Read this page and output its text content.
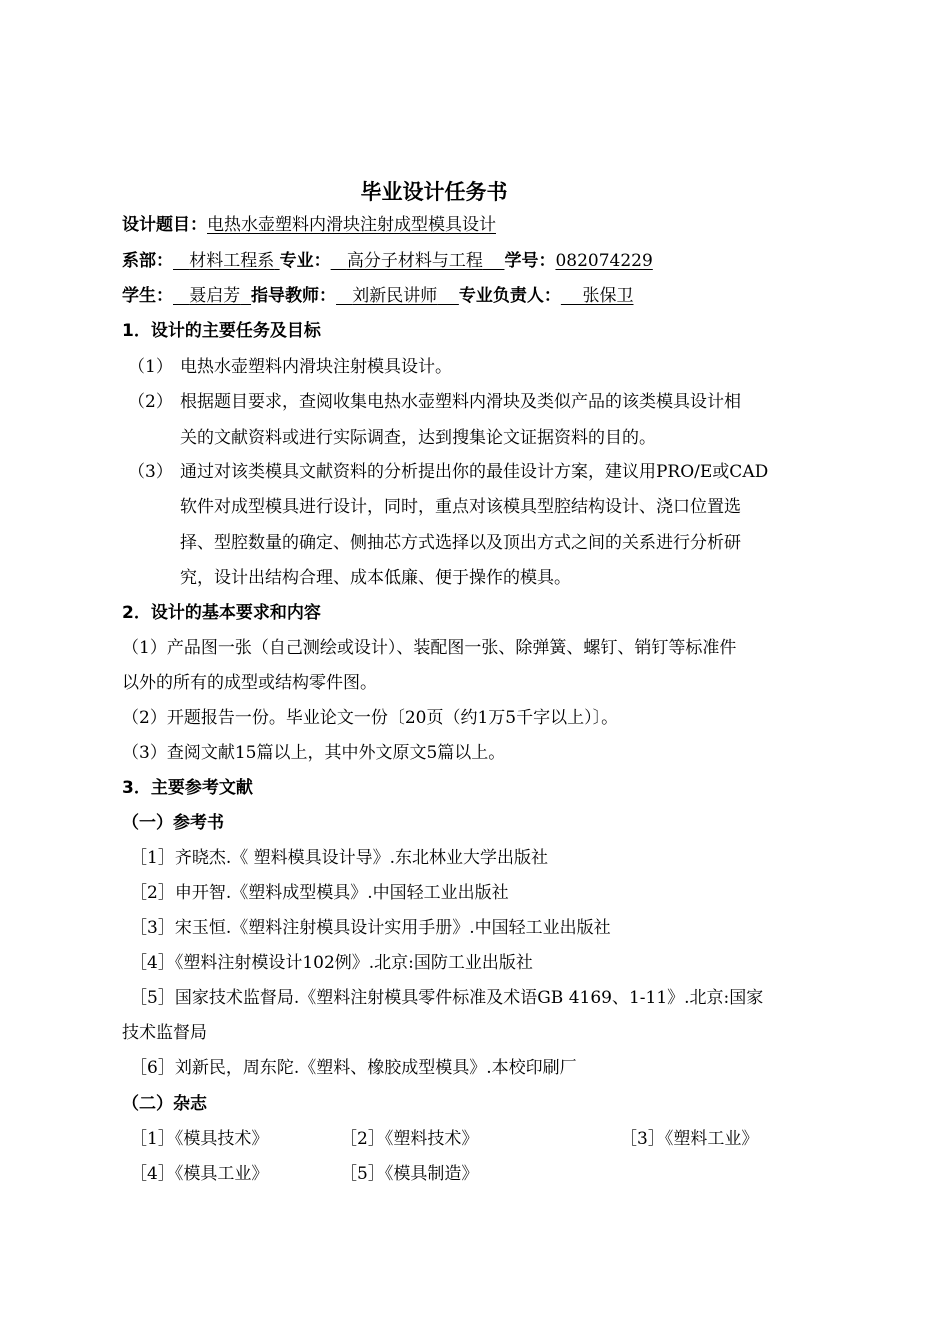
毕业设计任务书
设计题目：电热水壶塑料内滑块注射成型模具设计
系部： 材料工程系 专业： 高分子材料与工程 学号：082074229
学生： 聂启芳 指导教师： 刘新民讲师 专业负责人： 张保卫
1．设计的主要任务及目标
（1） 电热水壶塑料内滑块注射模具设计。
（2） 根据题目要求，查阅收集电热水壶塑料内滑块及类似产品的该类模具设计相
关的文献资料或进行实际调查，达到搜集论文证据资料的目的。
（3） 通过对该类模具文献资料的分析提出你的最佳设计方案，建议用PRO/E或CAD
软件对成型模具进行设计，同时，重点对该模具型腔结构设计、浇口位置选
择、型腔数量的确定、侧抽芯方式选择以及顶出方式之间的关系进行分析研
究，设计出结构合理、成本低廉、便于操作的模具。
2．设计的基本要求和内容
（1）产品图一张（自己测绘或设计）、装配图一张、除弹簧、螺钉、销钉等标准件
以外的所有的成型或结构零件图。
（2）开题报告一份。毕业论文一份〔20页（约1万5千字以上）〕。
（3）查阅文献15篇以上，其中外文原文5篇以上。
3．主要参考文献
（一）参考书
［1］齐晓杰.《 塑料模具设计导》.东北林业大学出版社
［2］申开智.《塑料成型模具》.中国轻工业出版社
［3］宋玉恒.《塑料注射模具设计实用手册》.中国轻工业出版社
［4］《塑料注射模设计102例》.北京:国防工业出版社
［5］国家技术监督局.《塑料注射模具零件标准及术语GB 4169、1-11》.北京:国家
技术监督局
［6］刘新民，周东陀.《塑料、橡胶成型模具》.本校印刷厂
（二）杂志
［1］《模具技术》	［2］《塑料技术》	［3］《塑料工业》
［4］《模具工业》	［5］《模具制造》
